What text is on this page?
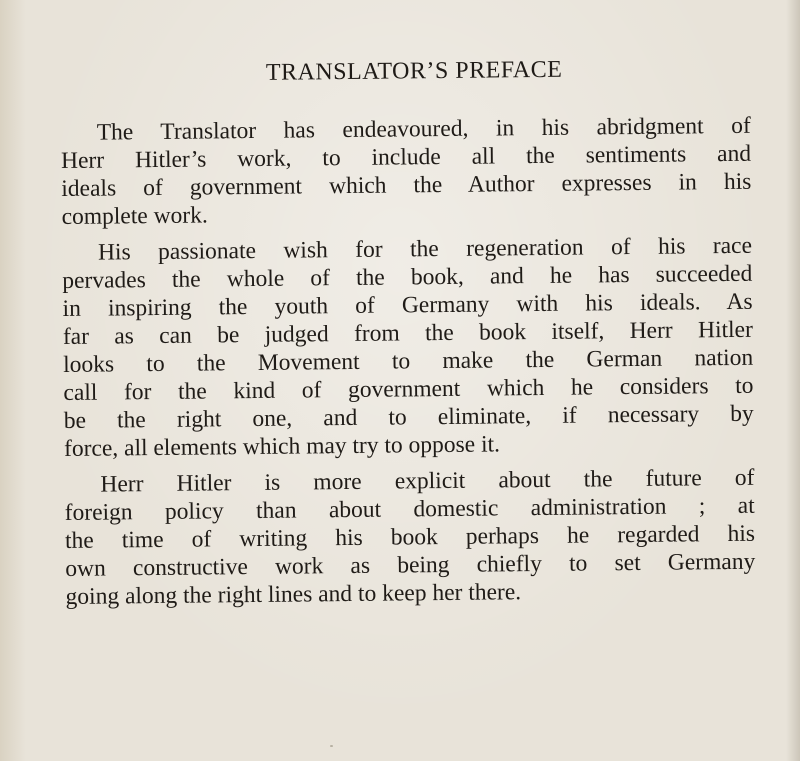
TRANSLATOR’S PREFACE
The Translator has endeavoured, in his abridgment of
Herr Hitler’s work, to include all the sentiments and
ideals of government which the Author expresses in his
complete work.
His passionate wish for the regeneration of his race
pervades the whole of the book, and he has succeeded
in inspiring the youth of Germany with his ideals. As
far as can be judged from the book itself, Herr Hitler
looks to the Movement to make the German nation
call for the kind of government which he considers to
be the right one, and to eliminate, if necessary by
force, all elements which may try to oppose it.
Herr Hitler is more explicit about the future of
foreign policy than about domestic administration ; at
the time of writing his book perhaps he regarded his
own constructive work as being chiefly to set Germany
going along the right lines and to keep her there.
